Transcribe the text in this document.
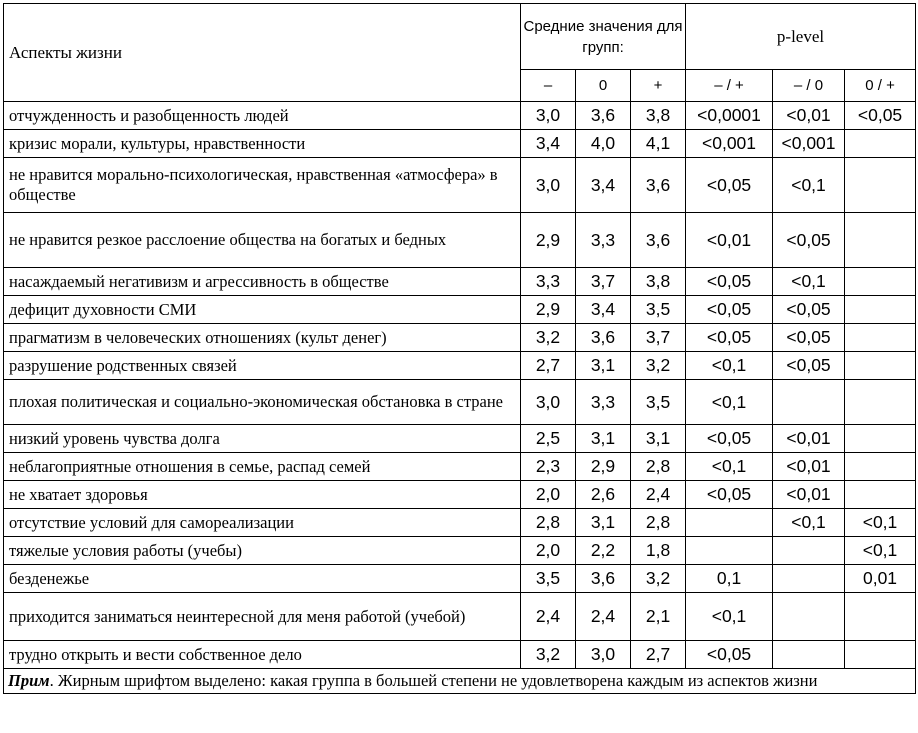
Аспекты жизни	Средние значения для групп:			p-level		
	–	0	+	– / +	– / 0	0 / +
отчужденность и разобщенность людей	3,0	3,6	3,8	<0,0001	<0,01	<0,05
кризис морали, культуры, нравственности	3,4	4,0	4,1	<0,001	<0,001	
не нравится морально-психологическая, нравственная «атмосфера» в обществе	3,0	3,4	3,6	<0,05	<0,1	
не нравится резкое расслоение общества на богатых и бедных	2,9	3,3	3,6	<0,01	<0,05	
насаждаемый негативизм и агрессивность в обществе	3,3	3,7	3,8	<0,05	<0,1	
дефицит духовности СМИ	2,9	3,4	3,5	<0,05	<0,05	
прагматизм в человеческих отношениях (культ денег)	3,2	3,6	3,7	<0,05	<0,05	
разрушение родственных связей	2,7	3,1	3,2	<0,1	<0,05	
плохая политическая и социально-экономическая обстановка в стране	3,0	3,3	3,5	<0,1		
низкий уровень чувства долга	2,5	3,1	3,1	<0,05	<0,01	
неблагоприятные отношения в семье, распад семей	2,3	2,9	2,8	<0,1	<0,01	
не хватает здоровья	2,0	2,6	2,4	<0,05	<0,01	
отсутствие условий для самореализации	2,8	3,1	2,8		<0,1	<0,1
тяжелые условия работы (учебы)	2,0	2,2	1,8			<0,1
безденежье	3,5	3,6	3,2	0,1		0,01
приходится заниматься неинтересной для меня работой (учебой)	2,4	2,4	2,1	<0,1		
трудно открыть и вести собственное дело	3,2	3,0	2,7	<0,05		
Прим. Жирным шрифтом выделено: какая группа в большей степени не удовлетворена каждым из аспектов жизни						
